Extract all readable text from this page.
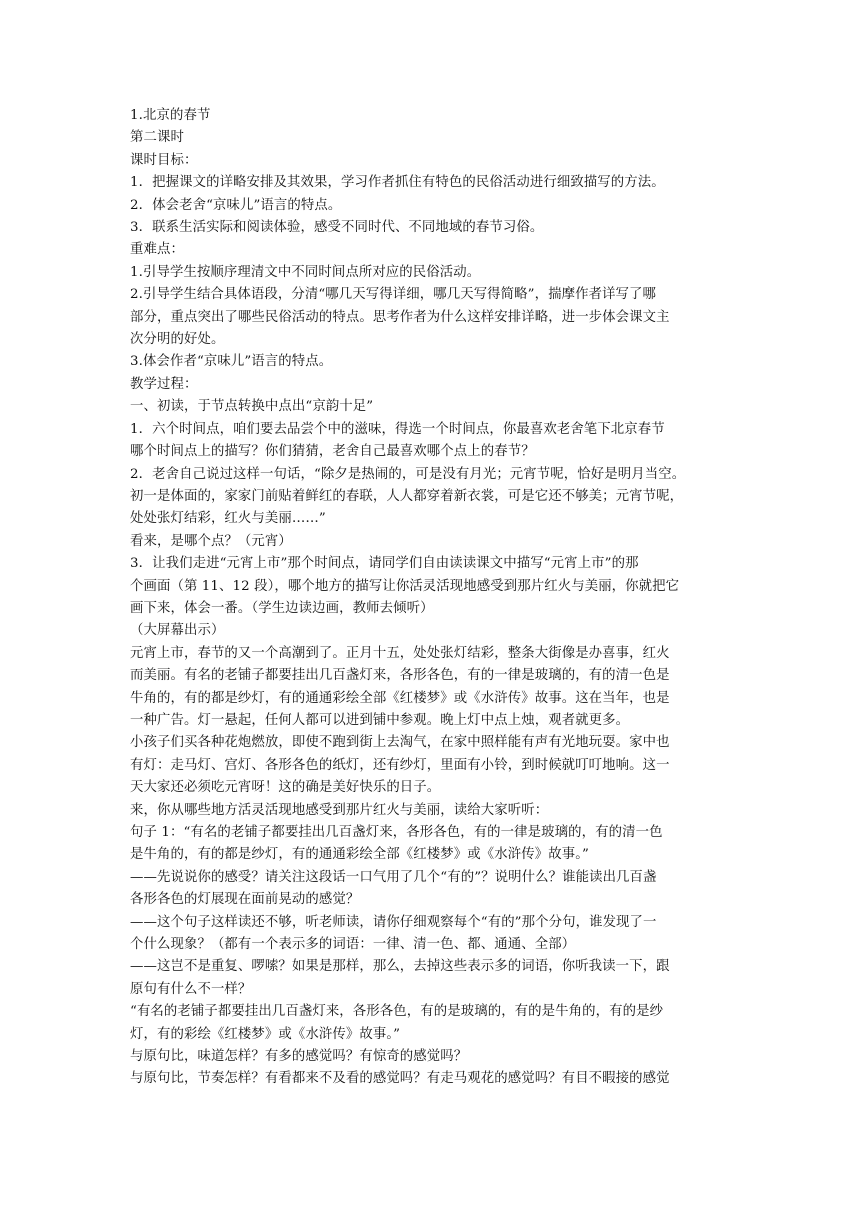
1.北京的春节
第二课时
课时目标：
1．把握课文的详略安排及其效果，学习作者抓住有特色的民俗活动进行细致描写的方法。
2．体会老舍“京味儿”语言的特点。
3．联系生活实际和阅读体验，感受不同时代、不同地域的春节习俗。
重难点：
1.引导学生按顺序理清文中不同时间点所对应的民俗活动。
2.引导学生结合具体语段，分清“哪几天写得详细，哪几天写得简略”，揣摩作者详写了哪
部分，重点突出了哪些民俗活动的特点。思考作者为什么这样安排详略，进一步体会课文主
次分明的好处。
3.体会作者“京味儿”语言的特点。
教学过程：
一、初读，于节点转换中点出“京韵十足”
1．六个时间点，咱们要去品尝个中的滋味，得选一个时间点，你最喜欢老舍笔下北京春节
哪个时间点上的描写？你们猜猜，老舍自己最喜欢哪个点上的春节？
2．老舍自己说过这样一句话，“除夕是热闹的，可是没有月光；元宵节呢，恰好是明月当空。
初一是体面的，家家门前贴着鲜红的春联，人人都穿着新衣裳，可是它还不够美；元宵节呢，
处处张灯结彩，红火与美丽……”
看来，是哪个点？（元宵）
3．让我们走进“元宵上市”那个时间点，请同学们自由读读课文中描写“元宵上市”的那
个画面（第 11、12 段），哪个地方的描写让你活灵活现地感受到那片红火与美丽，你就把它
画下来，体会一番。（学生边读边画，教师去倾听）
（大屏幕出示）
元宵上市，春节的又一个高潮到了。正月十五，处处张灯结彩，整条大街像是办喜事，红火
而美丽。有名的老铺子都要挂出几百盏灯来，各形各色，有的一律是玻璃的，有的清一色是
牛角的，有的都是纱灯，有的通通彩绘全部《红楼梦》或《水浒传》故事。这在当年，也是
一种广告。灯一悬起，任何人都可以进到铺中参观。晚上灯中点上烛，观者就更多。
小孩子们买各种花炮燃放，即使不跑到街上去淘气，在家中照样能有声有光地玩耍。家中也
有灯：走马灯、宫灯、各形各色的纸灯，还有纱灯，里面有小铃，到时候就叮叮地响。这一
天大家还必须吃元宵呀！这的确是美好快乐的日子。
来，你从哪些地方活灵活现地感受到那片红火与美丽，读给大家听听：
句子 1：“有名的老铺子都要挂出几百盏灯来，各形各色，有的一律是玻璃的，有的清一色
是牛角的，有的都是纱灯，有的通通彩绘全部《红楼梦》或《水浒传》故事。”
——先说说你的感受？请关注这段话一口气用了几个“有的”？说明什么？谁能读出几百盏
各形各色的灯展现在面前晃动的感觉？
——这个句子这样读还不够，听老师读，请你仔细观察每个“有的”那个分句，谁发现了一
个什么现象？（都有一个表示多的词语：一律、清一色、都、通通、全部）
——这岂不是重复、啰嗦？如果是那样，那么，去掉这些表示多的词语，你听我读一下，跟
原句有什么不一样？
“有名的老铺子都要挂出几百盏灯来，各形各色，有的是玻璃的，有的是牛角的，有的是纱
灯，有的彩绘《红楼梦》或《水浒传》故事。”
与原句比，味道怎样？有多的感觉吗？有惊奇的感觉吗？
与原句比，节奏怎样？有看都来不及看的感觉吗？有走马观花的感觉吗？有目不暇接的感觉
